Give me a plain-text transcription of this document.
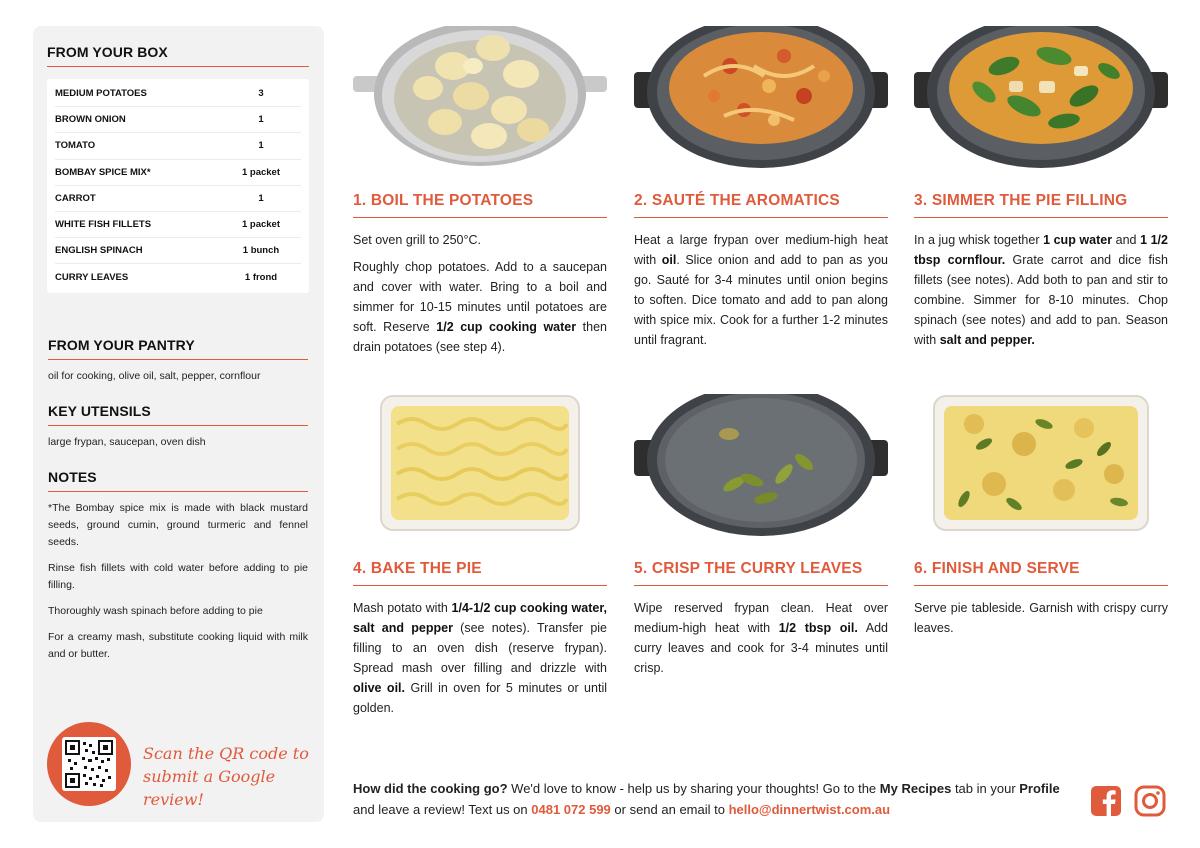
FROM YOUR BOX
MEDIUM POTATOES	3
BROWN ONION	1
TOMATO	1
BOMBAY SPICE MIX*	1 packet
CARROT	1
WHITE FISH FILLETS	1 packet
ENGLISH SPINACH	1 bunch
CURRY LEAVES	1 frond
FROM YOUR PANTRY
oil for cooking, olive oil, salt, pepper, cornflour
KEY UTENSILS
large frypan, saucepan, oven dish
NOTES

*The Bombay spice mix is made with black mustard seeds, ground cumin, ground turmeric and fennel seeds.

Rinse fish fillets with cold water before adding to pie filling.

Thoroughly wash spinach before adding to pie

For a creamy mash, substitute cooking liquid with milk and or butter.

Scan the QR code to
submit a Google review!
1. BOIL THE POTATOES

Set oven grill to 250°C.

Roughly chop potatoes. Add to a saucepan and cover with water. Bring to a boil and simmer for 10-15 minutes until potatoes are soft. Reserve 1/2 cup cooking water then drain potatoes (see step 4).

2. SAUTÉ THE AROMATICS

Heat a large frypan over medium-high heat with oil. Slice onion and add to pan as you go. Sauté for 3-4 minutes until onion begins to soften. Dice tomato and add to pan along with spice mix. Cook for a further 1-2 minutes until fragrant.

3. SIMMER THE PIE FILLING

In a jug whisk together 1 cup water and 1 1/2 tbsp cornflour. Grate carrot and dice fish fillets (see notes). Add both to pan and stir to combine. Simmer for 8-10 minutes. Chop spinach (see notes) and add to pan. Season with salt and pepper.

4. BAKE THE PIE

Mash potato with 1/4-1/2 cup cooking water, salt and pepper (see notes). Transfer pie filling to an oven dish (reserve frypan). Spread mash over filling and drizzle with olive oil. Grill in oven for 5 minutes or until golden.

5. CRISP THE CURRY LEAVES

Wipe reserved frypan clean. Heat over medium-high heat with 1/2 tbsp oil. Add curry leaves and cook for 3-4 minutes until crisp.

6. FINISH AND SERVE

Serve pie tableside. Garnish with crispy curry leaves.

How did the cooking go? We'd love to know - help us by sharing your thoughts! Go to the My Recipes tab in your Profile and leave a review! Text us on 0481 072 599 or send an email to hello@dinnertwist.com.au
